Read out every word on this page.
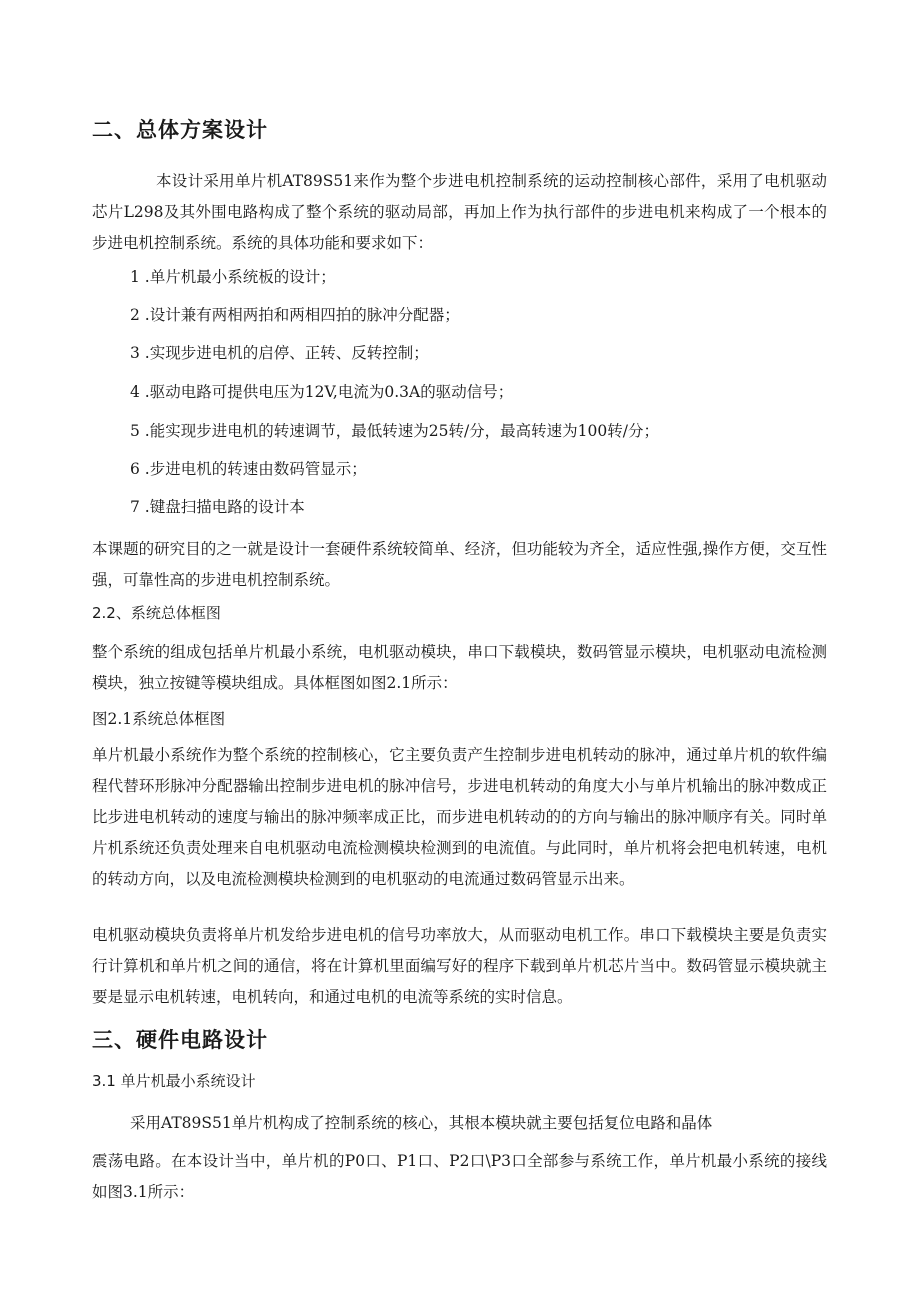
二、总体方案设计

本设计采用单片机AT89S51来作为整个步进电机控制系统的运动控制核心部件，采用了电机驱动芯片L298及其外围电路构成了整个系统的驱动局部，再加上作为执行部件的步进电机来构成了一个根本的步进电机控制系统。系统的具体功能和要求如下：

1 .单片机最小系统板的设计；
2 .设计兼有两相两拍和两相四拍的脉冲分配器；
3 .实现步进电机的启停、正转、反转控制；
4 .驱动电路可提供电压为12V,电流为0.3A的驱动信号；
5 .能实现步进电机的转速调节，最低转速为25转/分，最高转速为100转/分；
6 .步进电机的转速由数码管显示；
7 .键盘扫描电路的设计本

本课题的研究目的之一就是设计一套硬件系统较简单、经济，但功能较为齐全，适应性强,操作方便，交互性强，可靠性高的步进电机控制系统。

2.2、系统总体框图

整个系统的组成包括单片机最小系统，电机驱动模块，串口下载模块，数码管显示模块，电机驱动电流检测模块，独立按键等模块组成。具体框图如图2.1所示：

图2.1系统总体框图

单片机最小系统作为整个系统的控制核心，它主要负责产生控制步进电机转动的脉冲，通过单片机的软件编程代替环形脉冲分配器输出控制步进电机的脉冲信号，步进电机转动的角度大小与单片机输出的脉冲数成正比步进电机转动的速度与输出的脉冲频率成正比，而步进电机转动的的方向与输出的脉冲顺序有关。同时单片机系统还负责处理来自电机驱动电流检测模块检测到的电流值。与此同时，单片机将会把电机转速，电机的转动方向，以及电流检测模块检测到的电机驱动的电流通过数码管显示出来。

电机驱动模块负责将单片机发给步进电机的信号功率放大，从而驱动电机工作。串口下载模块主要是负责实行计算机和单片机之间的通信，将在计算机里面编写好的程序下载到单片机芯片当中。数码管显示模块就主要是显示电机转速，电机转向，和通过电机的电流等系统的实时信息。

三、硬件电路设计
3.1 单片机最小系统设计
采用AT89S51单片机构成了控制系统的核心，其根本模块就主要包括复位电路和晶体

震荡电路。在本设计当中，单片机的P0口、P1口、P2口\P3口全部参与系统工作，单片机最小系统的接线如图3.1所示：
